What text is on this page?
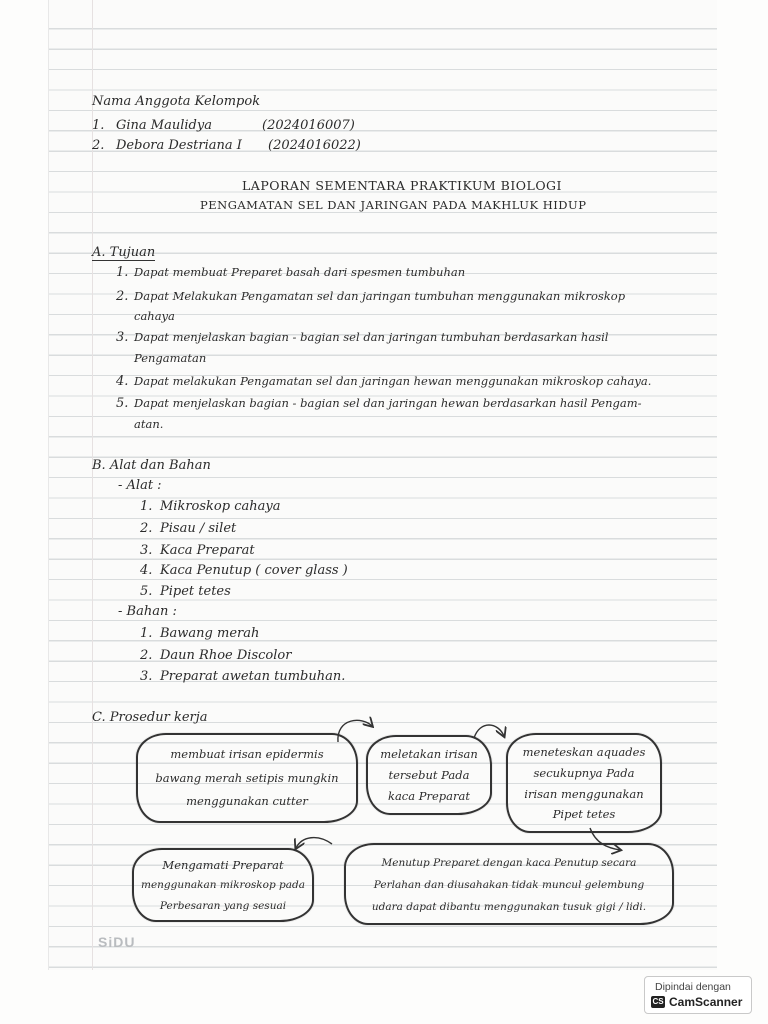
Nama Anggota Kelompok
1. Gina Maulidya	(2024016007)
2. Debora Destriana I (2024016022)
LAPORAN SEMENTARA PRAKTIKUM BIOLOGI
PENGAMATAN SEL DAN JARINGAN PADA MAKHLUK HIDUP
A. Tujuan
1. Dapat membuat Preparet basah dari spesmen tumbuhan
2. Dapat Melakukan Pengamatan sel dan jaringan tumbuhan menggunakan mikroskop
cahaya
3. Dapat menjelaskan bagian - bagian sel dan jaringan tumbuhan berdasarkan hasil
Pengamatan
4. Dapat melakukan Pengamatan sel dan jaringan hewan menggunakan mikroskop cahaya.
5. Dapat menjelaskan bagian - bagian sel dan jaringan hewan berdasarkan hasil Pengam-
atan.
B. Alat dan Bahan
- Alat :
1. Mikroskop cahaya
2. Pisau / silet
3. Kaca Preparat
4. Kaca Penutup ( cover glass )
5. Pipet tetes
- Bahan :
1. Bawang merah
2. Daun Rhoe Discolor
3. Preparat awetan tumbuhan.
C. Prosedur kerja
membuat irisan epidermis
bawang merah setipis mungkin
menggunakan cutter
meletakan irisan
tersebut Pada
kaca Preparat
meneteskan aquades
secukupnya Pada
irisan menggunakan
Pipet tetes
Menutup Preparet dengan kaca Penutup secara
Perlahan dan diusahakan tidak muncul gelembung
udara dapat dibantu menggunakan tusuk gigi / lidi.
Mengamati Preparat
menggunakan mikroskop pada
Perbesaran yang sesuai
SiDU
Dipindai dengan
CS CamScanner
